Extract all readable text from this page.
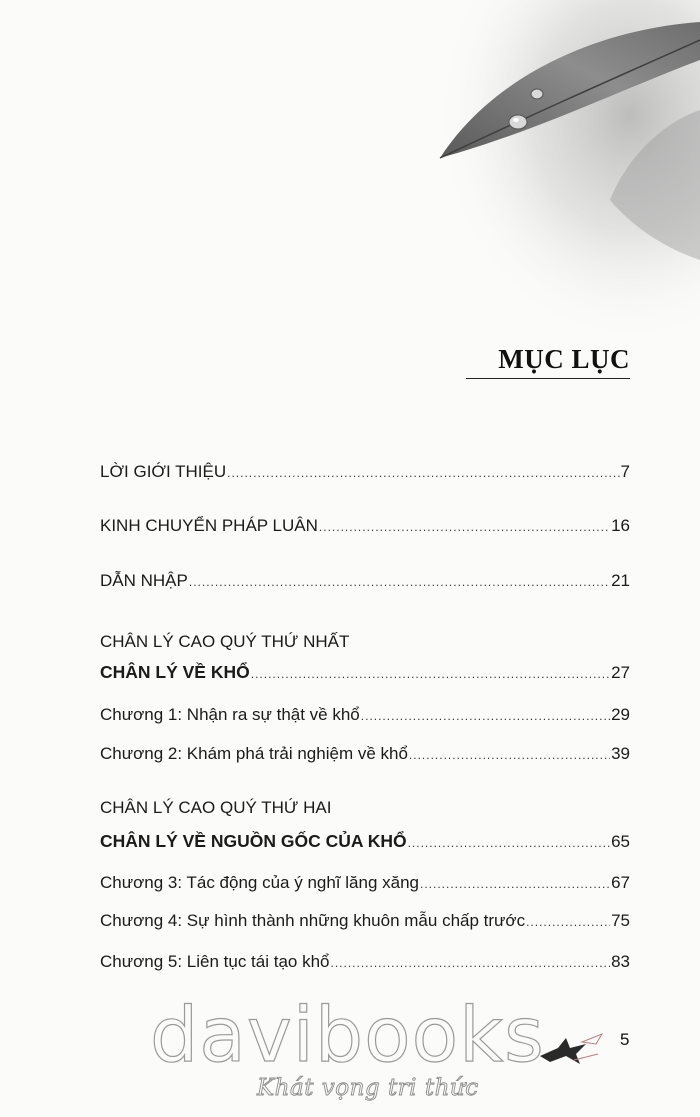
MỤC LỤC
LỜI GIỚI THIỆU .....	7
KINH CHUYỂN PHÁP LUÂN .....	16
DẪN NHẬP .....	21
CHÂN LÝ CAO QUÝ THỨ NHẤT
CHÂN LÝ VỀ KHỔ .....	27
Chương 1: Nhận ra sự thật về khổ .....	29
Chương 2: Khám phá trải nghiệm về khổ .....	39
CHÂN LÝ CAO QUÝ THỨ HAI
CHÂN LÝ VỀ NGUỒN GỐC CỦA KHỔ .....	65
Chương 3: Tác động của ý nghĩ lăng xăng .....	67
Chương 4: Sự hình thành những khuôn mẫu chấp trước .....	75
Chương 5: Liên tục tái tạo khổ .....	83
davibooks
Khát vọng tri thức
5
